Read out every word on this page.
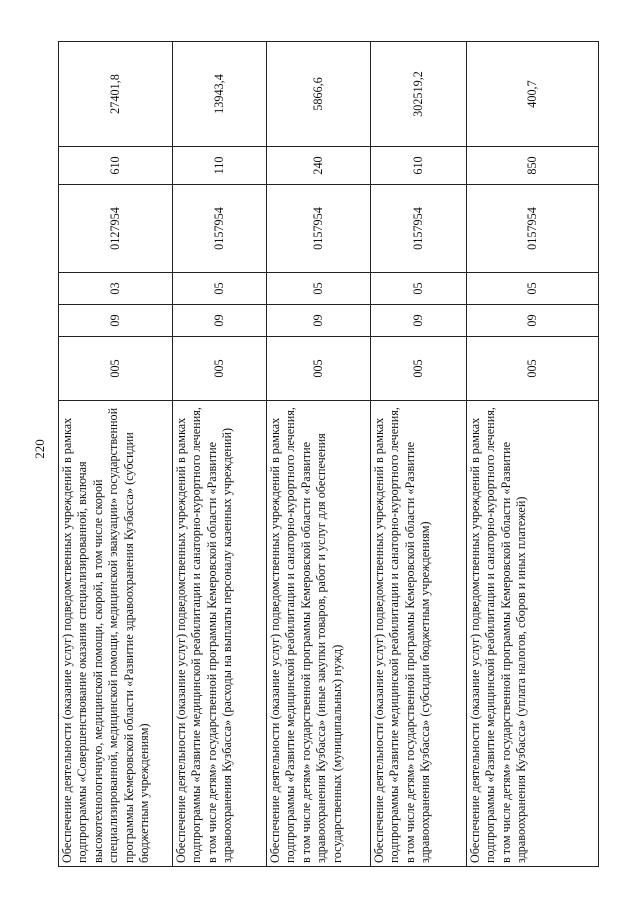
220 Обеспечение деятельности (оказание услуг) подведомственных учреждений в рамках подпрограммы «Совершенствование оказания специализированной, включая высокотехнологичную, медицинской помощи, скорой, в том числе скорой специализированной, медицинской помощи, медицинской эвакуации» государственной программы Кемеровской области «Развитие здравоохранения Кузбасса» (субсидии бюджетным учреждениям)	005	09	03	0127954	610	27401,8
Обеспечение деятельности (оказание услуг) подведомственных учреждений в рамках подпрограммы «Развитие медицинской реабилитации и санаторно-курортного лечения, в том числе детям» государственной программы Кемеровской области «Развитие здравоохранения Кузбасса» (расходы на выплаты персоналу казенных учреждений)	005	09	05	0157954	110	13943,4
Обеспечение деятельности (оказание услуг) подведомственных учреждений в рамках подпрограммы «Развитие медицинской реабилитации и санаторно-курортного лечения, в том числе детям» государственной программы Кемеровской области «Развитие здравоохранения Кузбасса» (иные закупки товаров, работ и услуг для обеспечения государственных (муниципальных) нужд)	005	09	05	0157954	240	5866,6
Обеспечение деятельности (оказание услуг) подведомственных учреждений в рамках подпрограммы «Развитие медицинской реабилитации и санаторно-курортного лечения, в том числе детям» государственной программы Кемеровской области «Развитие здравоохранения Кузбасса» (субсидии бюджетным учреждениям)	005	09	05	0157954	610	302519,2
Обеспечение деятельности (оказание услуг) подведомственных учреждений в рамках подпрограммы «Развитие медицинской реабилитации и санаторно-курортного лечения, в том числе детям» государственной программы Кемеровской области «Развитие здравоохранения Кузбасса» (уплата налогов, сборов и иных платежей)	005	09	05	0157954	850	400,7
